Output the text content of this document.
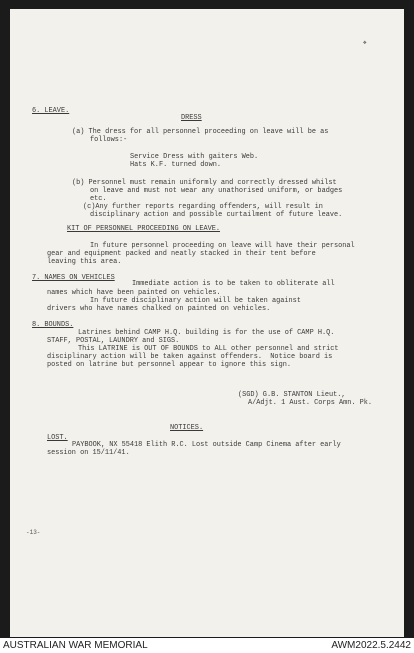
❖
6. LEAVE.
DRESS
(a) The dress for all personnel proceeding on leave will be as
follows:-
Service Dress with gaiters Web.
Hats K.F. turned down.
(b) Personnel must remain uniformly and correctly dressed whilst
on leave and must not wear any unathorised uniform, or badges
etc.
(c)Any further reports regarding offenders, will result in
disciplinary action and possible curtailment of future leave.
KIT OF PERSONNEL PROCEEDING ON LEAVE.
In future personnel proceeding on leave will have their personal
gear and equipment packed and neatly stacked in their tent before
leaving this area.
7. NAMES ON VEHICLES
Immediate action is to be taken to obliterate all
names which have been painted on vehicles.
In future disciplinary action will be taken against
drivers who have names chalked on painted on vehicles.
8. BOUNDS.
Latrines behind CAMP H.Q. building is for the use of CAMP H.Q.
STAFF, POSTAL, LAUNDRY and SIGS.
This LATRINE is OUT OF BOUNDS to ALL other personnel and strict
disciplinary action will be taken against offenders.  Notice board is
posted on latrine but personnel appear to ignore this sign.
(SGD) G.B. STANTON Lieut.,
A/Adjt. 1 Aust. Corps Amn. Pk.
NOTICES.
LOST.
PAYBOOK, NX 55418 Elith R.C. Lost outside Camp Cinema after early
session on 15/11/41.
-13-
AUSTRALIAN WAR MEMORIAL	AWM2022.5.2442
